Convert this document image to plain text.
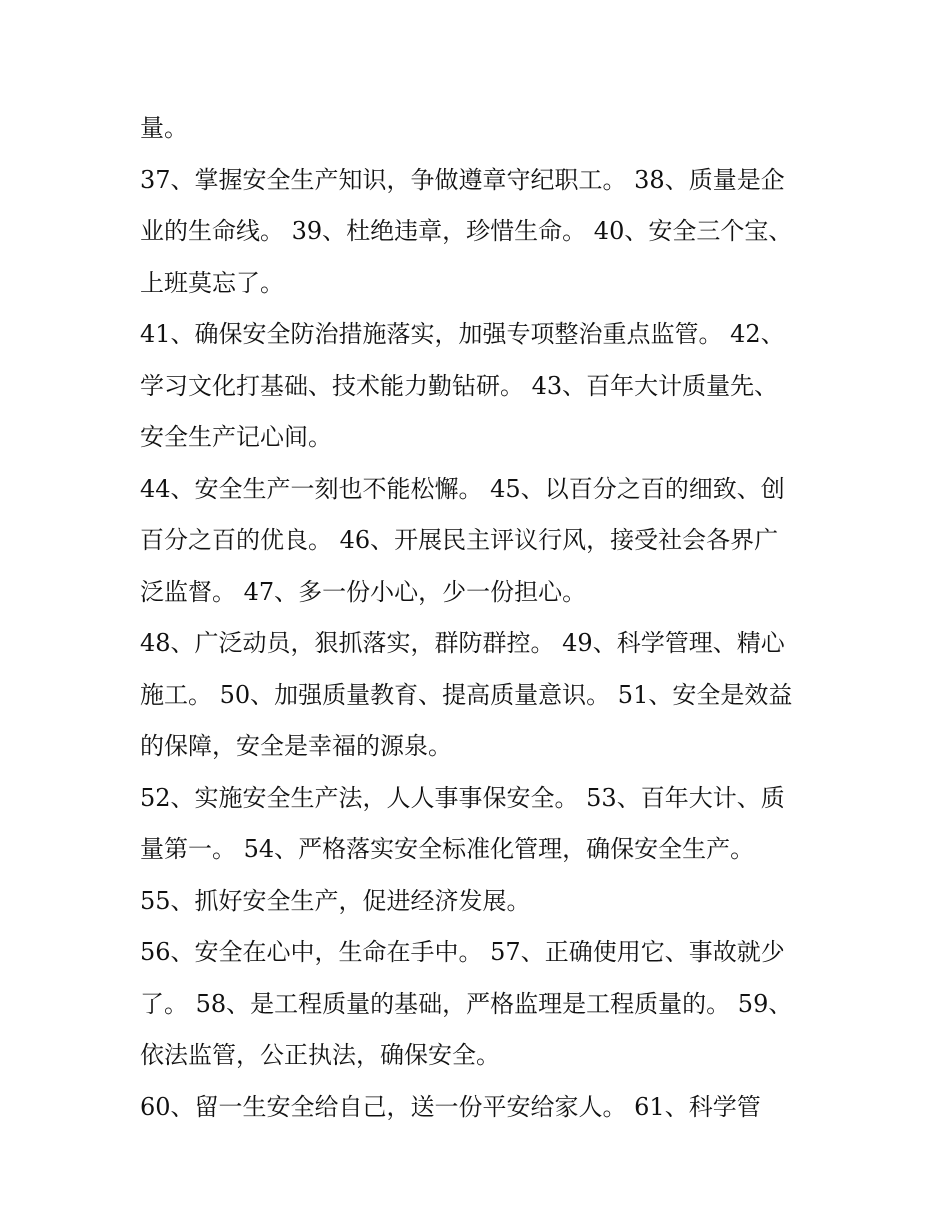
量。
37、掌握安全生产知识，争做遵章守纪职工。 38、质量是企
业的生命线。 39、杜绝违章，珍惜生命。 40、安全三个宝、
上班莫忘了。
41、确保安全防治措施落实，加强专项整治重点监管。 42、
学习文化打基础、技术能力勤钻研。 43、百年大计质量先、
安全生产记心间。
44、安全生产一刻也不能松懈。 45、以百分之百的细致、创
百分之百的优良。 46、开展民主评议行风，接受社会各界广
泛监督。 47、多一份小心，少一份担心。
48、广泛动员，狠抓落实，群防群控。 49、科学管理、精心
施工。 50、加强质量教育、提高质量意识。 51、安全是效益
的保障，安全是幸福的源泉。
52、实施安全生产法，人人事事保安全。 53、百年大计、质
量第一。 54、严格落实安全标准化管理，确保安全生产。
55、抓好安全生产，促进经济发展。
56、安全在心中，生命在手中。 57、正确使用它、事故就少
了。 58、是工程质量的基础，严格监理是工程质量的。 59、
依法监管，公正执法，确保安全。
60、留一生安全给自己，送一份平安给家人。 61、科学管
